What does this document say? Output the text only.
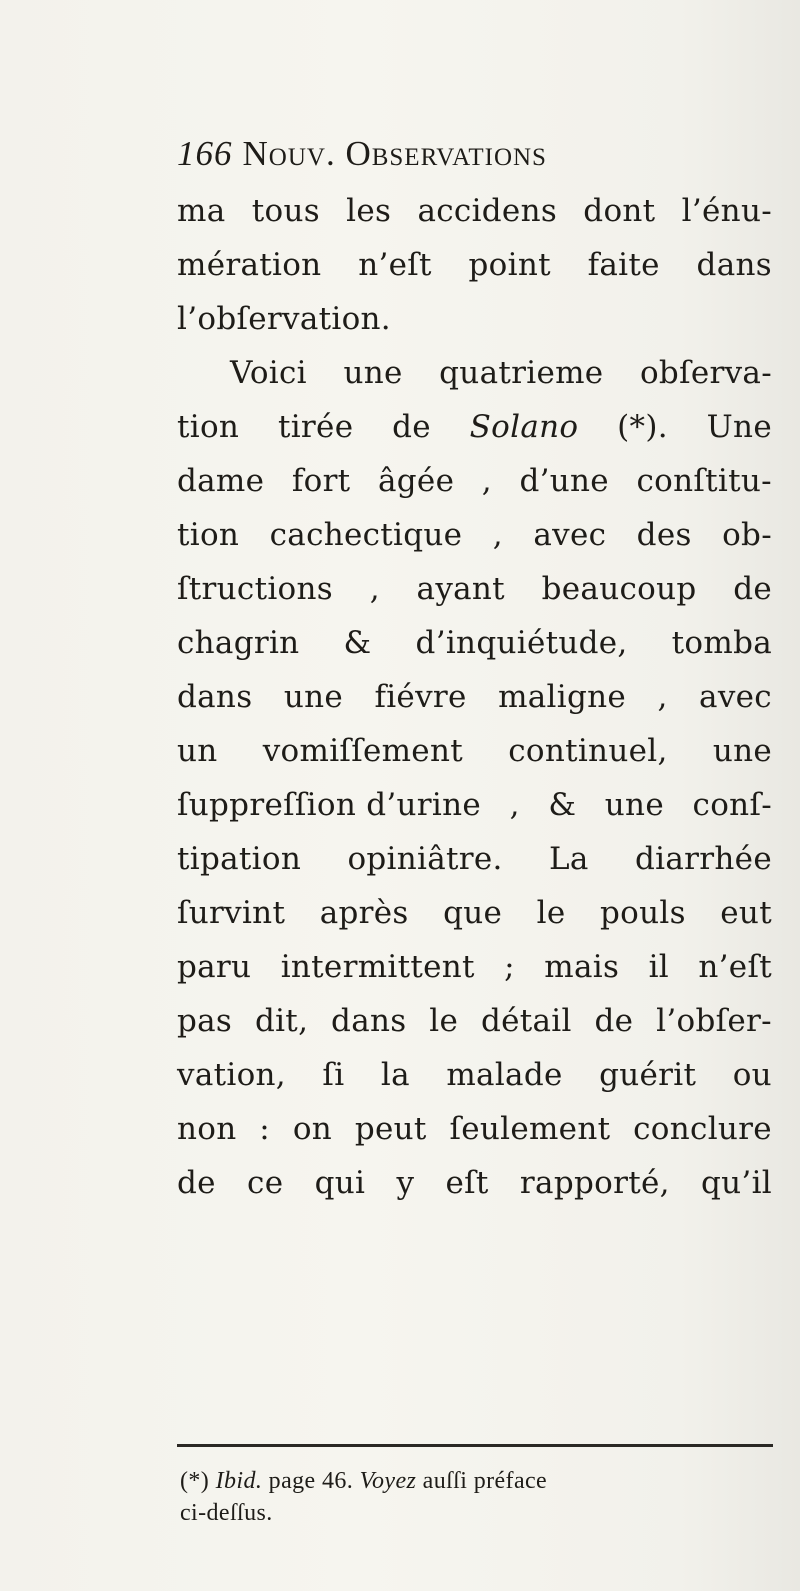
166 Nouv. Observations
ma tous les accidens dont l’énu-
mération n’eſt point faite dans
l’obſervation.
Voici une quatrieme obſerva-
tion tirée de Solano (*). Une
dame fort âgée , d’une conſtitu-
tion cachectique , avec des ob-
ſtructions , ayant beaucoup de
chagrin & d’inquiétude, tomba
dans une fiévre maligne , avec
un vomiſſement continuel, une
ſuppreſſion d’urine , & une conſ-
tipation opiniâtre. La diarrhée
ſurvint après que le pouls eut
paru intermittent ; mais il n’eſt
pas dit, dans le détail de l’obſer-
vation, ſi la malade guérit ou
non : on peut ſeulement conclure
de ce qui y eſt rapporté, qu’il
(*) Ibid. page 46. Voyez auſſi préface
ci-deſſus.
